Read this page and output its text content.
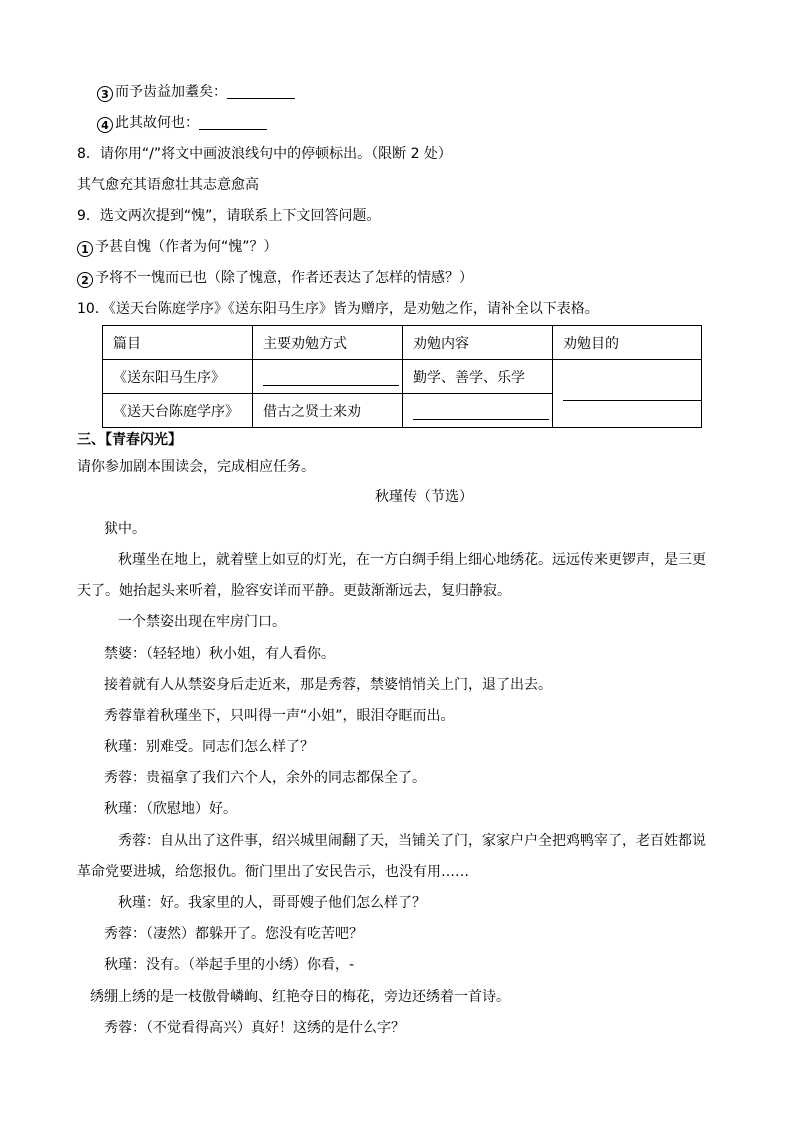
3 而予齿益加耋矣：
4 此其故何也：
8．请你用“/”将文中画波浪线句中的停顿标出。（限断 2 处）
其气愈充其语愈壮其志意愈高
9．选文两次提到“愧”，请联系上下文回答问题。
1 予甚自愧（作者为何“愧”？）
2 予将不一愧而已也（除了愧意，作者还表达了怎样的情感？）
10．《送天台陈庭学序》《送东阳马生序》皆为赠序，是劝勉之作，请补全以下表格。
篇目	主要劝勉方式	劝勉内容	劝勉目的
《送东阳马生序》		勤学、善学、乐学	
《送天台陈庭学序》	借古之贤士来劝		
三、【青春闪光】
请你参加剧本围读会，完成相应任务。
秋瑾传（节选）
狱中。
秋瑾坐在地上，就着壁上如豆的灯光，在一方白绸手绢上细心地绣花。远远传来更锣声，是三更
天了。她抬起头来听着，脸容安详而平静。更鼓渐渐远去，复归静寂。
一个禁姿出现在牢房门口。
禁婆：（轻轻地）秋小姐，有人看你。
接着就有人从禁姿身后走近来，那是秀蓉，禁婆悄悄关上门，退了出去。
秀蓉靠着秋瑾坐下，只叫得一声“小姐”，眼泪夺眶而出。
秋瑾：别难受。同志们怎么样了？
秀蓉：贵福拿了我们六个人，余外的同志都保全了。
秋瑾：（欣慰地）好。
秀蓉：自从出了这件事，绍兴城里闹翻了天，当铺关了门，家家户户全把鸡鸭宰了，老百姓都说
革命党要进城，给您报仇。衙门里出了安民告示，也没有用……
秋瑾：好。我家里的人，哥哥嫂子他们怎么样了？
秀蓉：（凄然）都躲开了。您没有吃苦吧？
秋瑾：没有。（举起手里的小绣）你看，-
绣绷上绣的是一枝傲骨嶙峋、红艳夺日的梅花，旁边还绣着一首诗。
秀蓉：（不觉看得高兴）真好！这绣的是什么字？
